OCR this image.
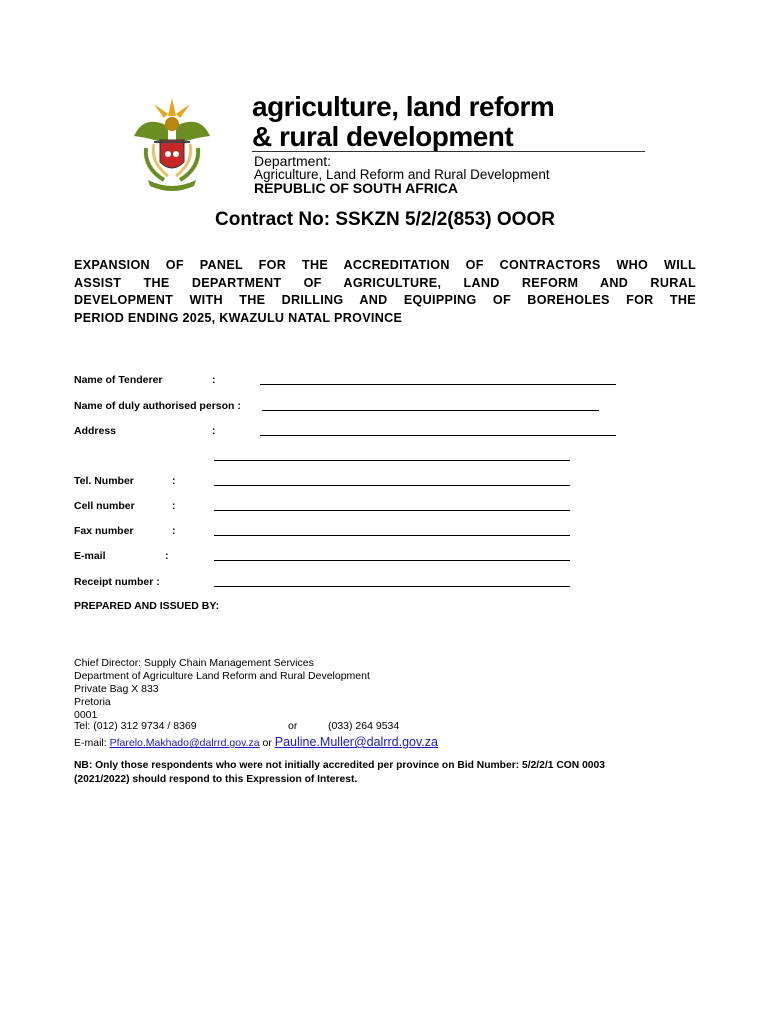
agriculture, land reform
& rural development
Department:
Agriculture, Land Reform and Rural Development
REPUBLIC OF SOUTH AFRICA
Contract No: SSKZN 5/2/2(853) OOOR
EXPANSION OF PANEL FOR THE ACCREDITATION OF CONTRACTORS WHO WILL
ASSIST THE DEPARTMENT OF AGRICULTURE, LAND REFORM AND RURAL
DEVELOPMENT WITH THE DRILLING AND EQUIPPING OF BOREHOLES FOR THE
PERIOD ENDING 2025, KWAZULU NATAL PROVINCE
Name of Tenderer	:
Name of duly authorised person :
Address	:
Tel. Number	:
Cell number	:
Fax number	:
E-mail	:
Receipt number :
PREPARED AND ISSUED BY:
Chief Director: Supply Chain Management Services
Department of Agriculture Land Reform and Rural Development
Private Bag X 833
Pretoria
0001
Tel: (012) 312 9734 / 8369	or	(033) 264 9534
E-mail: Pfarelo.Makhado@dalrrd.gov.za or Pauline.Muller@dalrrd.gov.za
NB: Only those respondents who were not initially accredited per province on Bid Number: 5/2/2/1 CON 0003
(2021/2022) should respond to this Expression of Interest.
